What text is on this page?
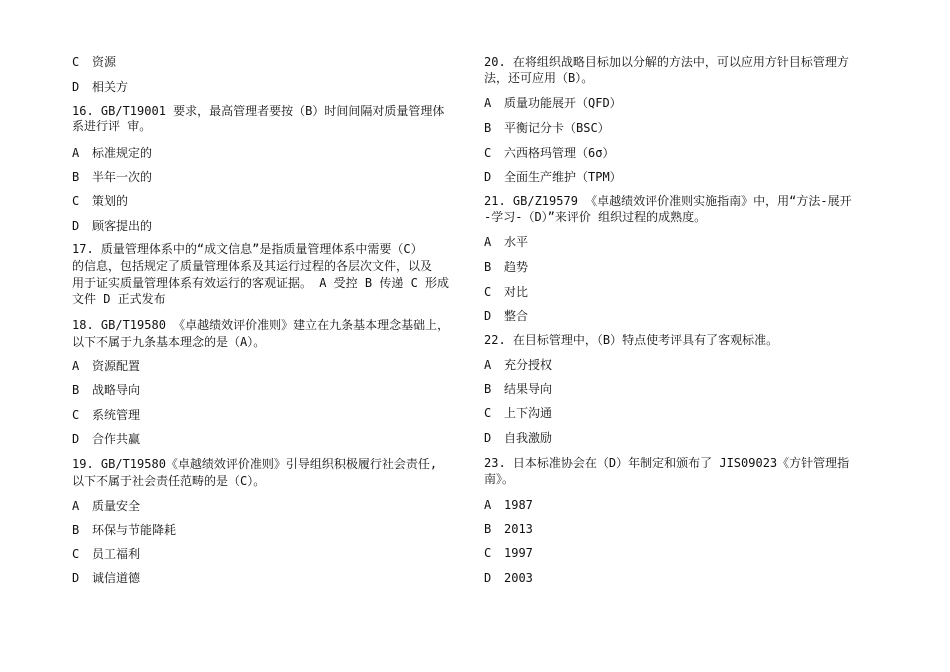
C 资源
D 相关方
16. GB/T19001 要求，最高管理者要按（B）时间间隔对质量管理体
系进行评 审。
A 标准规定的
B 半年一次的
C 策划的
D 顾客提出的
17. 质量管理体系中的“成文信息”是指质量管理体系中需要（C）
的信息，包括规定了质量管理体系及其运行过程的各层次文件，以及
用于证实质量管理体系有效运行的客观证据。 A 受控 B 传递 C 形成
文件 D 正式发布
18. GB/T19580 《卓越绩效评价准则》建立在九条基本理念基础上，
以下不属于九条基本理念的是（A）。
A 资源配置
B 战略导向
C 系统管理
D 合作共赢
19. GB/T19580《卓越绩效评价准则》引导组织积极履行社会责任,
以下不属于社会责任范畴的是（C）。
A 质量安全
B 环保与节能降耗
C 员工福利
D 诚信道德
20. 在将组织战略目标加以分解的方法中，可以应用方针目标管理方
法，还可应用（B）。
A 质量功能展开（QFD）
B 平衡记分卡（BSC）
C 六西格玛管理（6σ）
D 全面生产维护（TPM）
21. GB/Z19579 《卓越绩效评价准则实施指南》中，用“方法-展开
-学习-（D）”来评价 组织过程的成熟度。
A 水平
B 趋势
C 对比
D 整合
22. 在目标管理中，（B）特点使考评具有了客观标准。
A 充分授权
B 结果导向
C 上下沟通
D 自我激励
23. 日本标准协会在（D）年制定和颁布了 JIS09023《方针管理指
南》。
A 1987
B 2013
C 1997
D 2003
